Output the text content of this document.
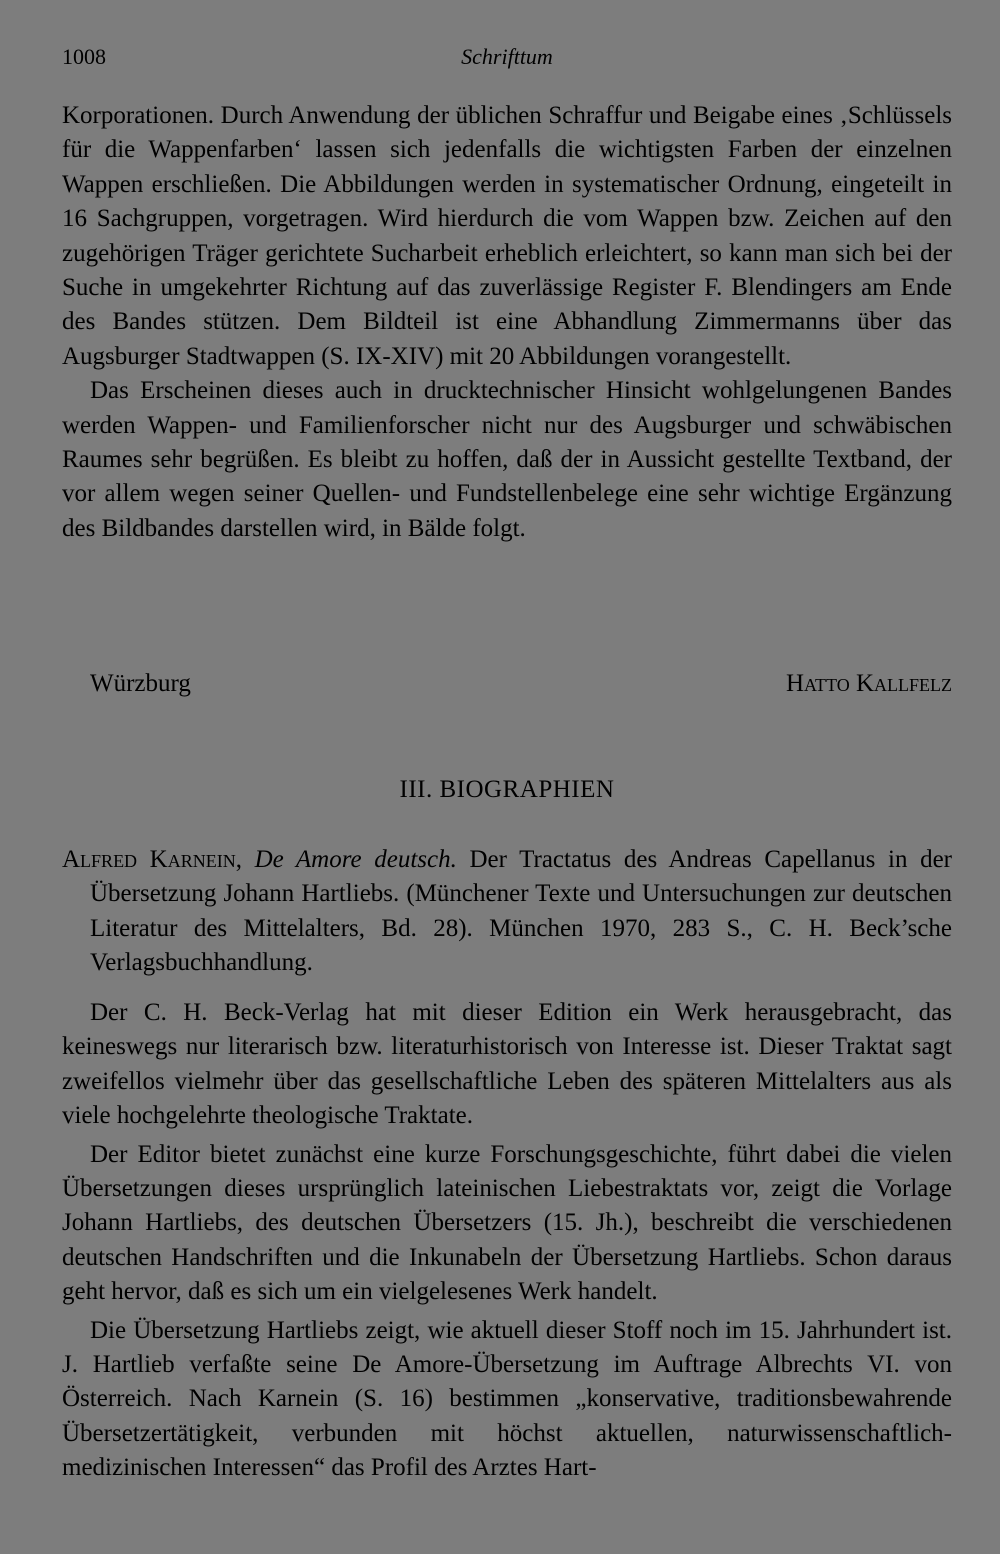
1008	Schrifttum

Korporationen. Durch Anwendung der üblichen Schraffur und Beigabe eines ‚Schlüssels für die Wappenfarben‘ lassen sich jedenfalls die wichtigsten Farben der einzelnen Wappen erschließen. Die Abbildungen werden in systematischer Ordnung, eingeteilt in 16 Sachgruppen, vorgetragen. Wird hierdurch die vom Wappen bzw. Zeichen auf den zugehörigen Träger gerichtete Sucharbeit erheblich erleichtert, so kann man sich bei der Suche in umgekehrter Richtung auf das zuverlässige Register F. Blendingers am Ende des Bandes stützen. Dem Bildteil ist eine Abhandlung Zimmermanns über das Augsburger Stadtwappen (S. IX-XIV) mit 20 Abbildungen vorangestellt.

Das Erscheinen dieses auch in drucktechnischer Hinsicht wohlgelungenen Bandes werden Wappen- und Familienforscher nicht nur des Augsburger und schwäbischen Raumes sehr begrüßen. Es bleibt zu hoffen, daß der in Aussicht gestellte Textband, der vor allem wegen seiner Quellen- und Fundstellenbelege eine sehr wichtige Ergänzung des Bildbandes darstellen wird, in Bälde folgt.

Würzburg	Hatto Kallfelz
III. BIOGRAPHIEN
Alfred Karnein, De Amore deutsch. Der Tractatus des Andreas Capellanus in der Übersetzung Johann Hartliebs. (Münchener Texte und Untersuchungen zur deutschen Literatur des Mittelalters, Bd. 28). München 1970, 283 S., C. H. Beck’sche Verlagsbuchhandlung.

Der C. H. Beck-Verlag hat mit dieser Edition ein Werk herausgebracht, das keineswegs nur literarisch bzw. literaturhistorisch von Interesse ist. Dieser Traktat sagt zweifellos vielmehr über das gesellschaftliche Leben des späteren Mittelalters aus als viele hochgelehrte theologische Traktate.

Der Editor bietet zunächst eine kurze Forschungsgeschichte, führt dabei die vielen Übersetzungen dieses ursprünglich lateinischen Liebestraktats vor, zeigt die Vorlage Johann Hartliebs, des deutschen Übersetzers (15. Jh.), beschreibt die verschiedenen deutschen Handschriften und die Inkunabeln der Übersetzung Hartliebs. Schon daraus geht hervor, daß es sich um ein vielgelesenes Werk handelt.

Die Übersetzung Hartliebs zeigt, wie aktuell dieser Stoff noch im 15. Jahrhundert ist. J. Hartlieb verfaßte seine De Amore-Übersetzung im Auftrage Albrechts VI. von Österreich. Nach Karnein (S. 16) bestimmen „konservative, traditionsbewahrende Übersetzertätigkeit, verbunden mit höchst aktuellen, naturwissenschaftlich-medizinischen Interessen“ das Profil des Arztes Hart-
